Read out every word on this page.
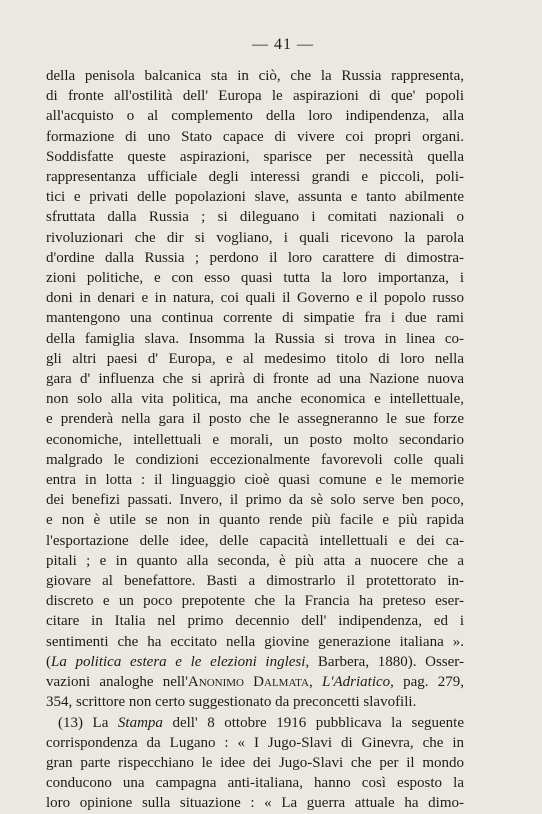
— 41 —
della penisola balcanica sta in ciò, che la Russia rappresenta,
di fronte all'ostilità dell' Europa le aspirazioni di que' popoli
all'acquisto o al complemento della loro indipendenza, alla
formazione di uno Stato capace di vivere coi propri organi.
Soddisfatte queste aspirazioni, sparisce per necessità quella
rappresentanza ufficiale degli interessi grandi e piccoli, poli-
tici e privati delle popolazioni slave, assunta e tanto abilmente
sfruttata dalla Russia ; si dileguano i comitati nazionali o
rivoluzionari che dir si vogliano, i quali ricevono la parola
d'ordine dalla Russia ; perdono il loro carattere di dimostra-
zioni politiche, e con esso quasi tutta la loro importanza, i
doni in denari e in natura, coi quali il Governo e il popolo russo
mantengono una continua corrente di simpatie fra i due rami
della famiglia slava. Insomma la Russia si trova in linea co-
gli altri paesi d' Europa, e al medesimo titolo di loro nella
gara d' influenza che si aprirà di fronte ad una Nazione nuova
non solo alla vita politica, ma anche economica e intellettuale,
e prenderà nella gara il posto che le assegneranno le sue forze
economiche, intellettuali e morali, un posto molto secondario
malgrado le condizioni eccezionalmente favorevoli colle quali
entra in lotta : il linguaggio cioè quasi comune e le memorie
dei benefizi passati. Invero, il primo da sè solo serve ben poco,
e non è utile se non in quanto rende più facile e più rapida
l'esportazione delle idee, delle capacità intellettuali e dei ca-
pitali ; e in quanto alla seconda, è più atta a nuocere che a
giovare al benefattore. Basti a dimostrarlo il protettorato in-
discreto e un poco prepotente che la Francia ha preteso eser-
citare in Italia nel primo decennio dell' indipendenza, ed i
sentimenti che ha eccitato nella giovine generazione italiana ».
(La politica estera e le elezioni inglesi, Barbera, 1880). Osser-
vazioni analoghe nell'Anonimo Dalmata, L'Adriatico, pag. 279,
354, scrittore non certo suggestionato da preconcetti slavofili.
(13) La Stampa dell' 8 ottobre 1916 pubblicava la seguente
corrispondenza da Lugano : « I Jugo-Slavi di Ginevra, che in
gran parte rispecchiano le idee dei Jugo-Slavi che per il mondo
conducono una campagna anti-italiana, hanno così esposto la
loro opinione sulla situazione : « La guerra attuale ha dimo-
